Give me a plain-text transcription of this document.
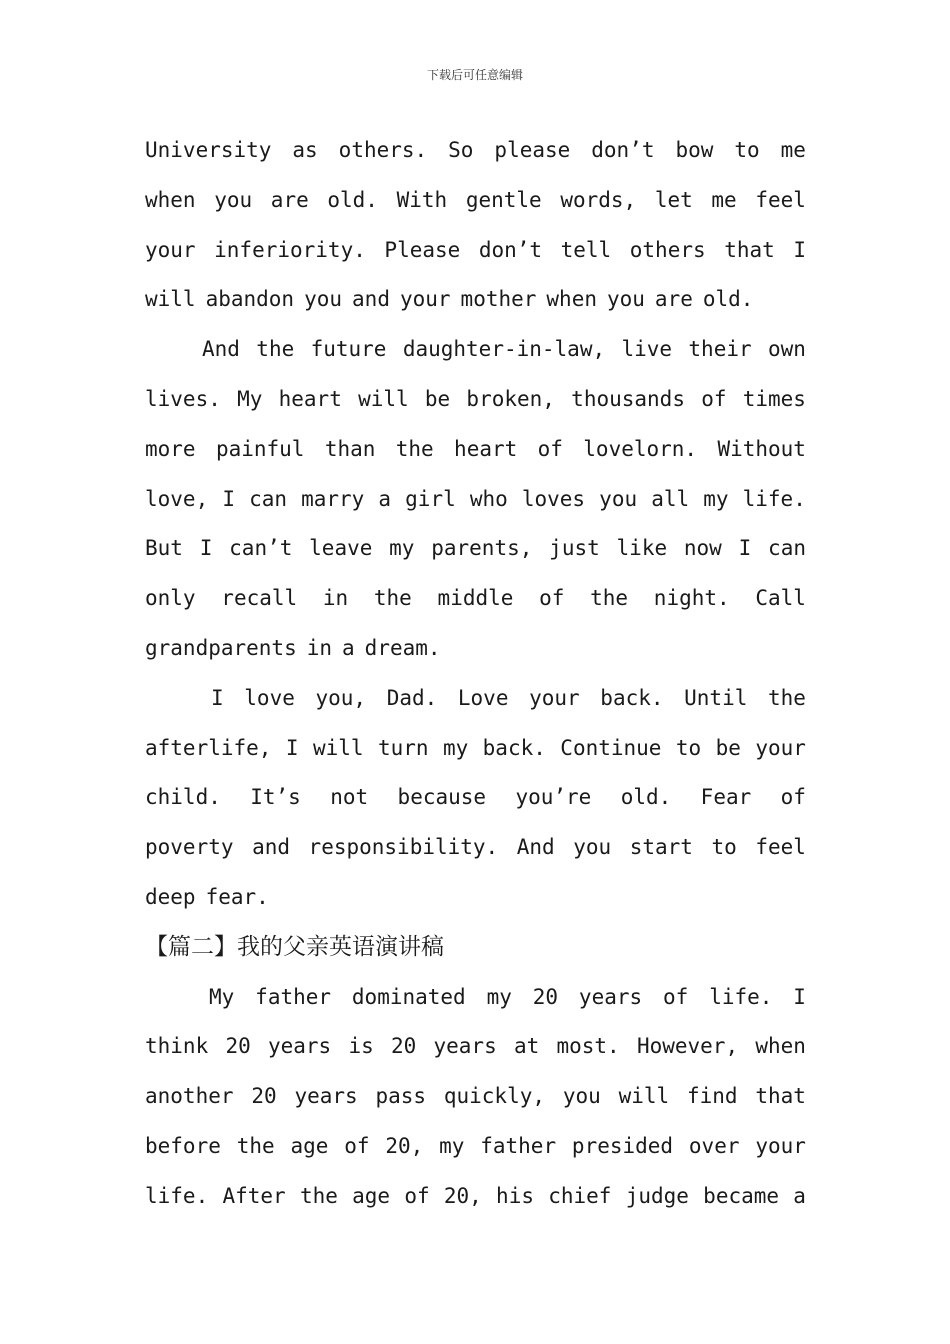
下载后可任意编辑
University as others. So please don’t bow to me
when you are old. With gentle words, let me feel
your inferiority. Please don’t tell others that I
will abandon you and your mother when you are old.
And the future daughter-in-law, live their own
lives. My heart will be broken, thousands of times
more painful than the heart of lovelorn. Without
love, I can marry a girl who loves you all my life.
But I can’t leave my parents, just like now I can
only recall in the middle of the night. Call
grandparents in a dream.
I love you, Dad. Love your back. Until the
afterlife, I will turn my back. Continue to be your
child. It’s not because you’re old. Fear of
poverty and responsibility. And you start to feel
deep fear.
【篇二】我的父亲英语演讲稿
My father dominated my 20 years of life. I
think 20 years is 20 years at most. However, when
another 20 years pass quickly, you will find that
before the age of 20, my father presided over your
life. After the age of 20, his chief judge became a
